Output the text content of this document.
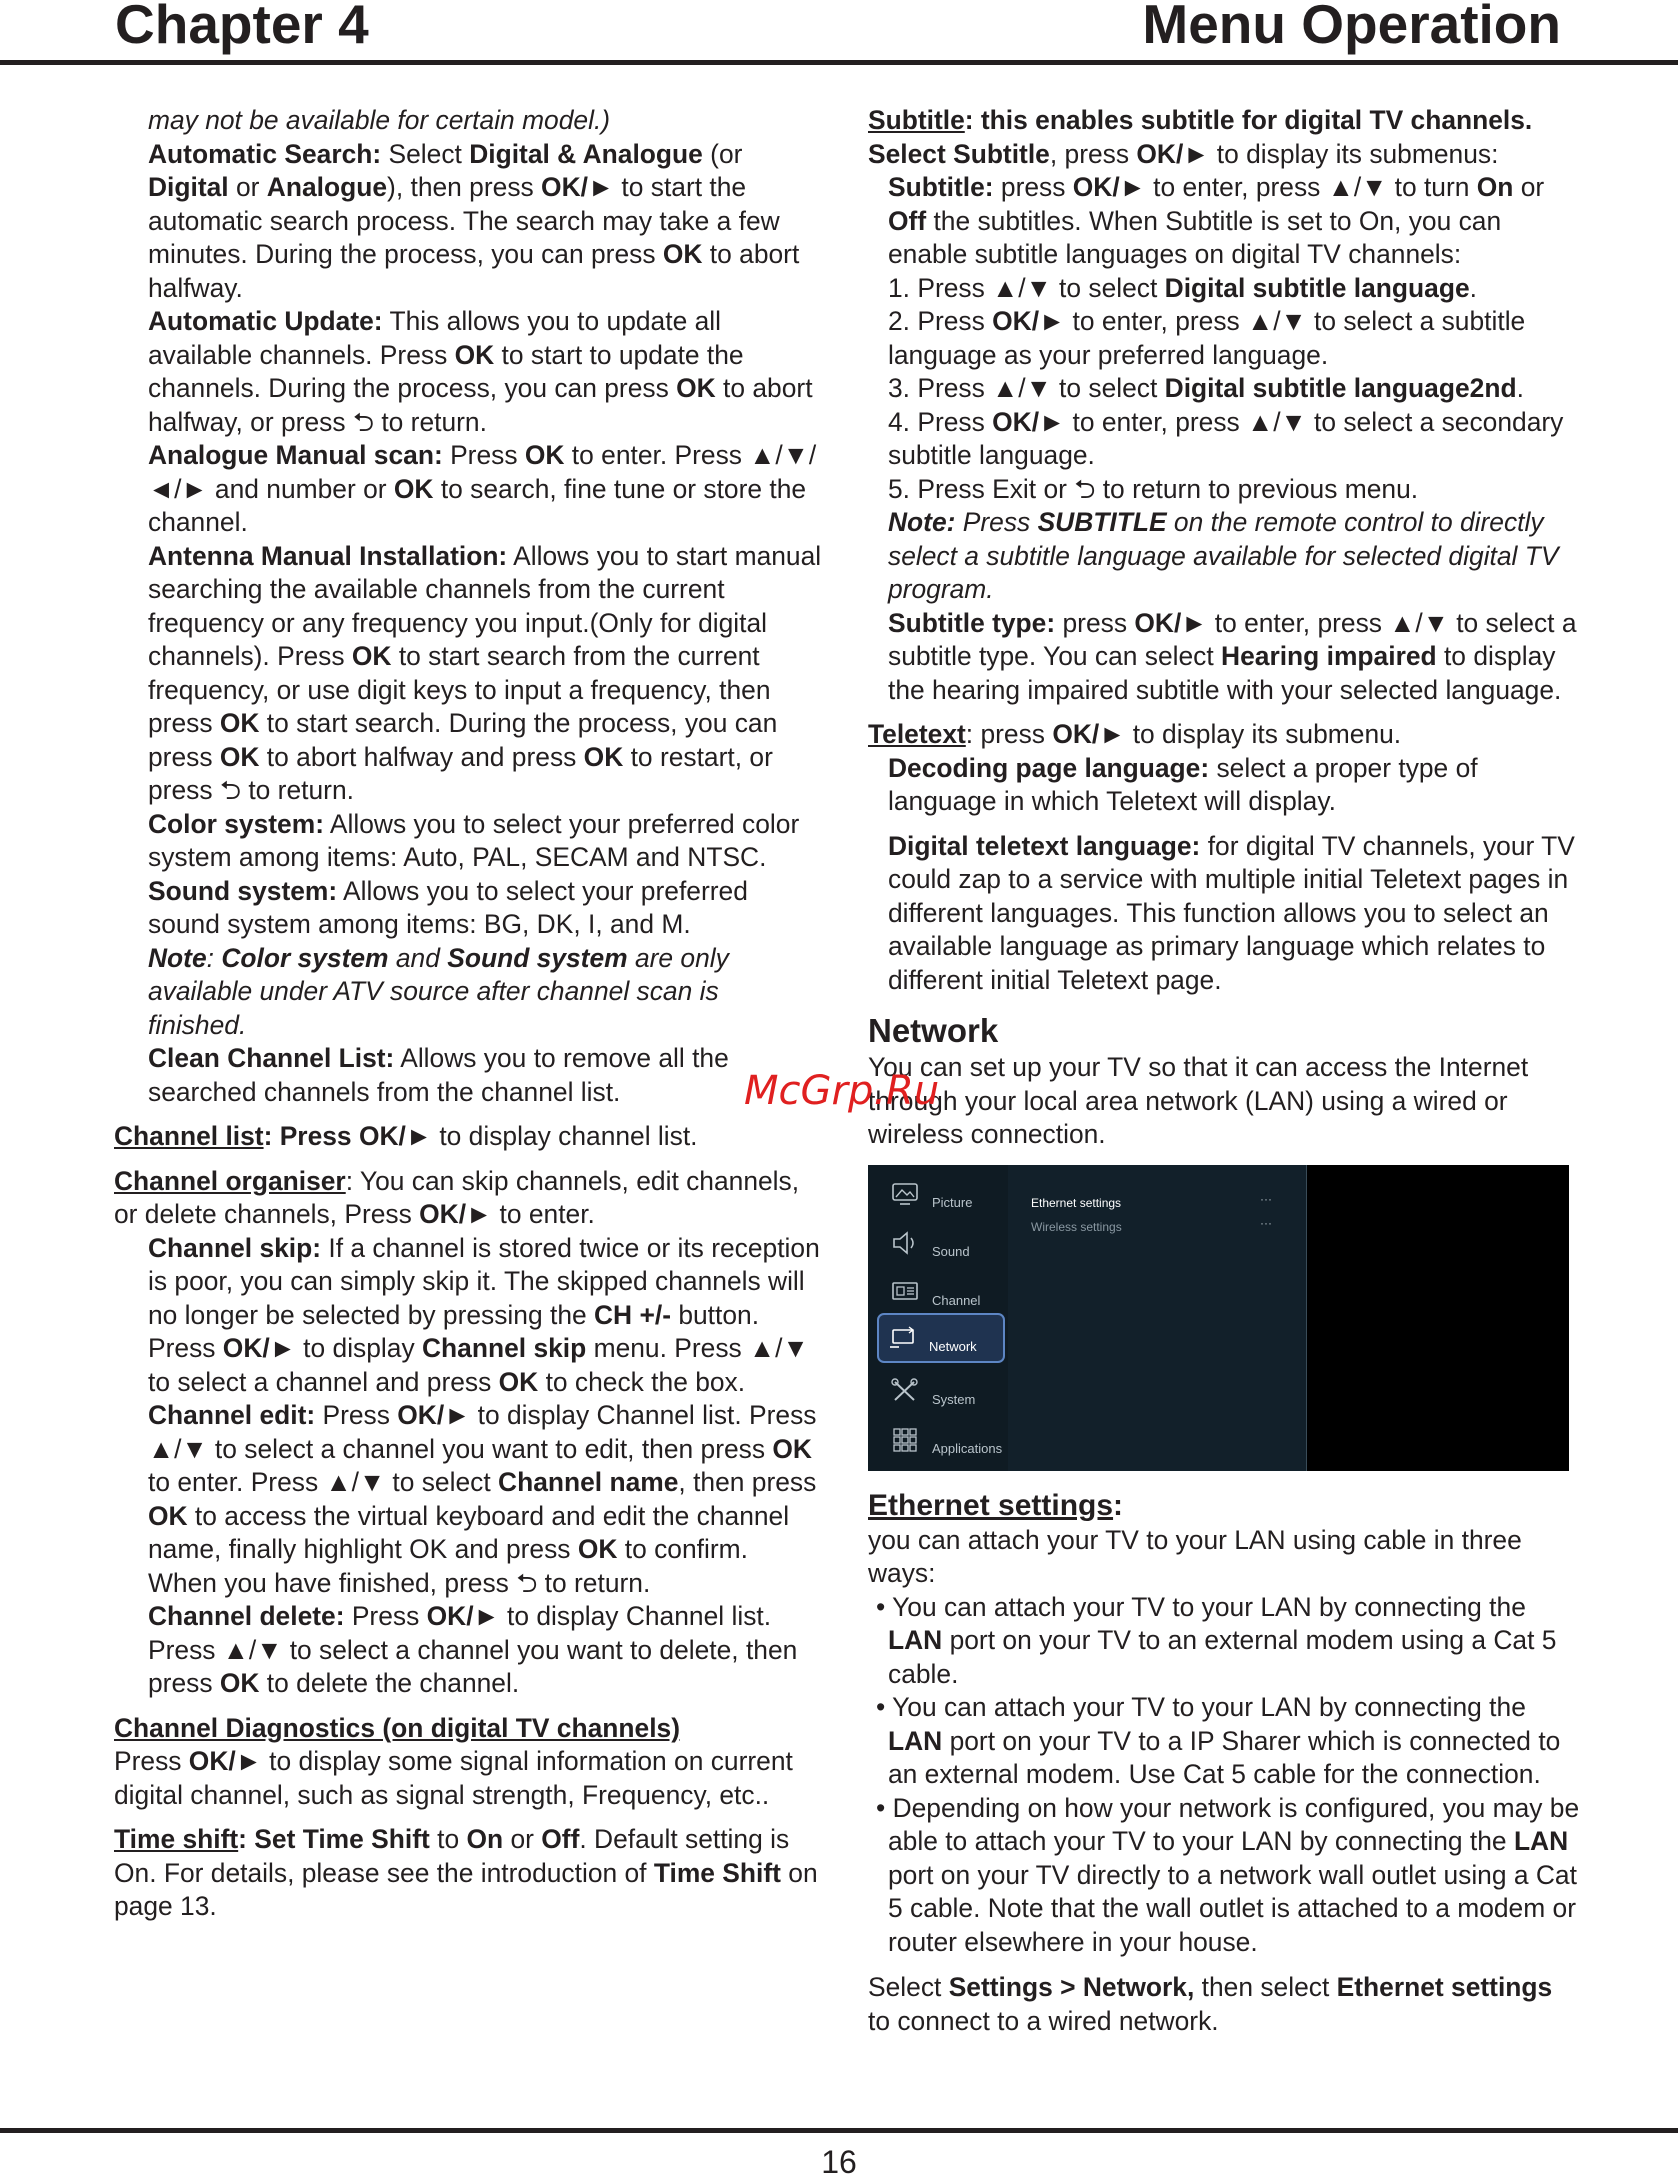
Chapter 4	Menu Operation

may not be available for certain model.)

Automatic Search: Select Digital & Analogue (or Digital or Analogue), then press OK/► to start the automatic search process. The search may take a few minutes. During the process, you can press OK to abort halfway.

Automatic Update: This allows you to update all available channels. Press OK to start to update the channels. During the process, you can press OK to abort halfway, or press ⮌ to return.

Analogue Manual scan: Press OK to enter. Press ▲/▼/◄/► and number or OK to search, fine tune or store the channel.

Antenna Manual Installation: Allows you to start manual searching the available channels from the current frequency or any frequency you input.(Only for digital channels). Press OK to start search from the current frequency, or use digit keys to input a frequency, then press OK to start search. During the process, you can press OK to abort halfway and press OK to restart, or press ⮌ to return.

Color system: Allows you to select your preferred color system among items: Auto, PAL, SECAM and NTSC.

Sound system: Allows you to select your preferred sound system among items: BG, DK, I, and M.

Note: Color system and Sound system are only available under ATV source after channel scan is finished.

Clean Channel List: Allows you to remove all the searched channels from the channel list.

Channel list: Press OK/► to display channel list.

Channel organiser: You can skip channels, edit channels, or delete channels, Press OK/► to enter.

Channel skip: If a channel is stored twice or its reception is poor, you can simply skip it. The skipped channels will no longer be selected by pressing the CH +/- button. Press OK/► to display Channel skip menu. Press ▲/▼ to select a channel and press OK to check the box.

Channel edit: Press OK/► to display Channel list. Press ▲/▼ to select a channel you want to edit, then press OK to enter. Press ▲/▼ to select Channel name, then press OK to access the virtual keyboard and edit the channel name, finally highlight OK and press OK to confirm. When you have finished, press ⮌ to return.

Channel delete: Press OK/► to display Channel list. Press ▲/▼ to select a channel you want to delete, then press OK to delete the channel.

Channel Diagnostics (on digital TV channels)
Press OK/► to display some signal information on current digital channel, such as signal strength, Frequency, etc..

Time shift: Set Time Shift to On or Off. Default setting is On. For details, please see the introduction of Time Shift on page 13.

Subtitle: this enables subtitle for digital TV channels. Select Subtitle, press OK/► to display its submenus:

Subtitle: press OK/► to enter, press ▲/▼ to turn On or Off the subtitles. When Subtitle is set to On, you can enable subtitle languages on digital TV channels:

1. Press ▲/▼ to select Digital subtitle language.

2. Press OK/► to enter, press ▲/▼ to select a subtitle language as your preferred language.

3. Press ▲/▼ to select Digital subtitle language2nd.

4. Press OK/► to enter, press ▲/▼ to select a secondary subtitle language.

5. Press Exit or ⮌ to return to previous menu.

Note: Press SUBTITLE on the remote control to directly select a subtitle language available for selected digital TV program.

Subtitle type: press OK/► to enter, press ▲/▼ to select a subtitle type. You can select Hearing impaired to display the hearing impaired subtitle with your selected language.

Teletext: press OK/► to display its submenu.

Decoding page language: select a proper type of language in which Teletext will display.

Digital teletext language: for digital TV channels, your TV could zap to a service with multiple initial Teletext pages in different languages. This function allows you to select an available language as primary language which relates to different initial Teletext page.

Network

You can set up your TV so that it can access the Internet through your local area network (LAN) using a wired or wireless connection.

Picture
Sound
Channel
Network
System
Applications
Ethernet settings	···
Wireless settings	···

Ethernet settings:

you can attach your TV to your LAN using cable in three ways:

• You can attach your TV to your LAN by connecting the LAN port on your TV to an external modem using a Cat 5 cable.

• You can attach your TV to your LAN by connecting the LAN port on your TV to a IP Sharer which is connected to an external modem. Use Cat 5 cable for the connection.

• Depending on how your network is configured, you may be able to attach your TV to your LAN by connecting the LAN port on your TV directly to a network wall outlet using a Cat 5 cable. Note that the wall outlet is attached to a modem or router elsewhere in your house.

Select Settings > Network, then select Ethernet settings to connect to a wired network.

McGrp.Ru
16
